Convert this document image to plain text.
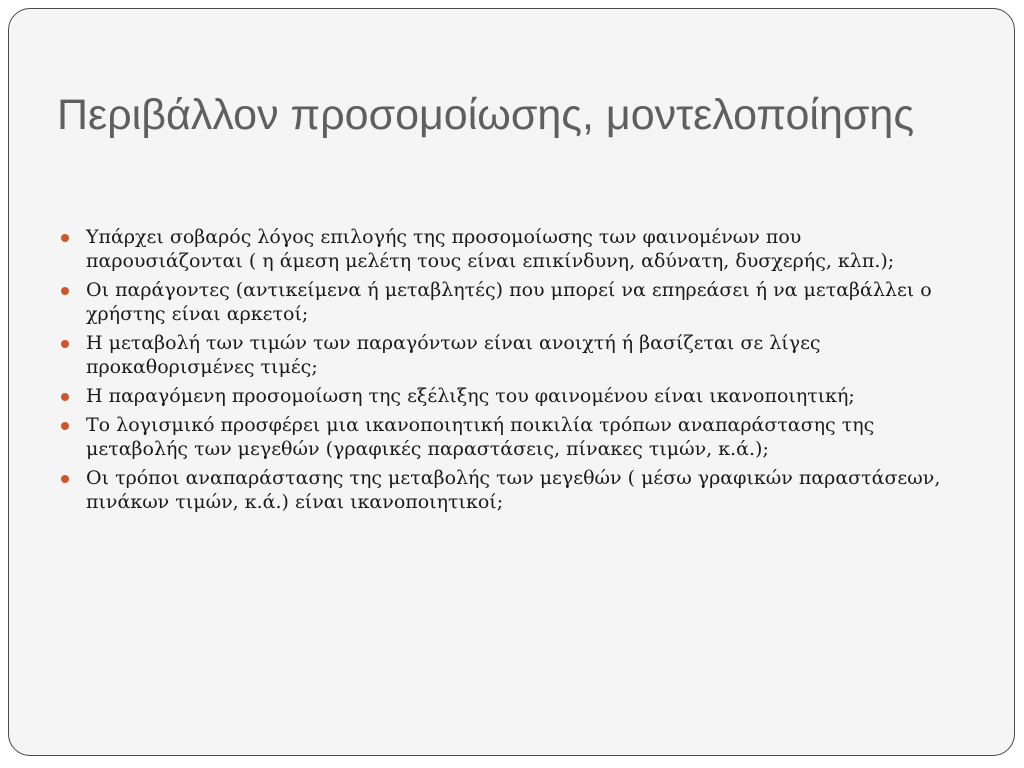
Περιβάλλον προσομοίωσης, μοντελοποίησης
Υπάρχει σοβαρός λόγος επιλογής της προσομοίωσης των φαινομένων που παρουσιάζονται ( η άμεση μελέτη τους είναι επικίνδυνη, αδύνατη, δυσχερής, κλπ.);
Οι παράγοντες (αντικείμενα ή μεταβλητές) που μπορεί να επηρεάσει ή να μεταβάλλει ο χρήστης είναι αρκετοί;
Η μεταβολή των τιμών των παραγόντων είναι ανοιχτή ή βασίζεται σε λίγες προκαθορισμένες τιμές;
Η παραγόμενη προσομοίωση της εξέλιξης του φαινομένου είναι ικανοποιητική;
Το λογισμικό προσφέρει μια ικανοποιητική ποικιλία τρόπων αναπαράστασης της μεταβολής των μεγεθών (γραφικές παραστάσεις, πίνακες τιμών, κ.ά.);
Οι τρόποι αναπαράστασης της μεταβολής των μεγεθών ( μέσω γραφικών παραστάσεων, πινάκων τιμών, κ.ά.) είναι ικανοποιητικοί;
